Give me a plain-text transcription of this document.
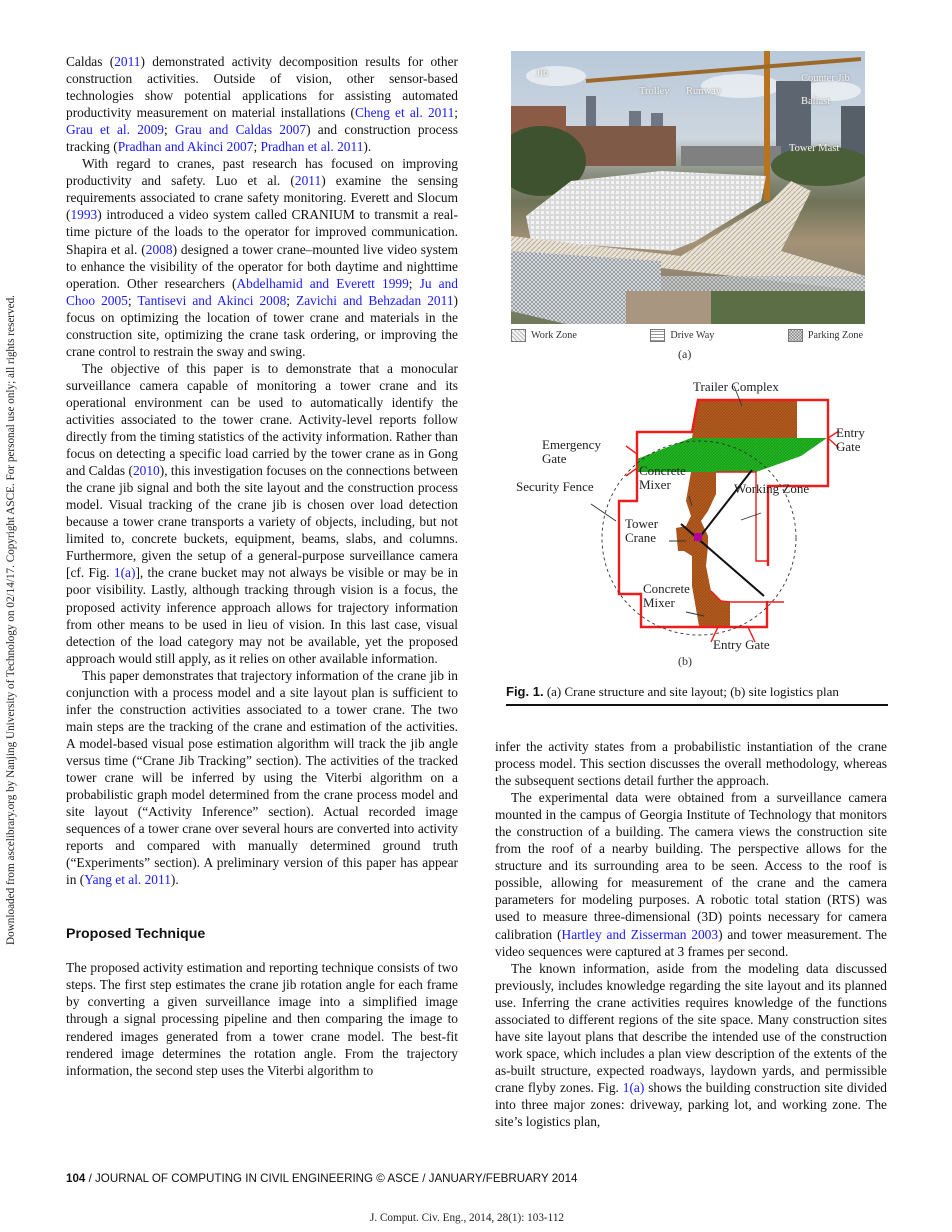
Downloaded from ascelibrary.org by Nanjing University of Technology on 02/14/17. Copyright ASCE. For personal use only; all rights reserved.

Caldas (2011) demonstrated activity decomposition results for other construction activities. Outside of vision, other sensor-based technologies show potential applications for assisting automated productivity measurement on material installations (Cheng et al. 2011; Grau et al. 2009; Grau and Caldas 2007) and construction process tracking (Pradhan and Akinci 2007; Pradhan et al. 2011).

With regard to cranes, past research has focused on improving productivity and safety. Luo et al. (2011) examine the sensing requirements associated to crane safety monitoring. Everett and Slocum (1993) introduced a video system called CRANIUM to transmit a real-time picture of the loads to the operator for improved communication. Shapira et al. (2008) designed a tower crane–mounted live video system to enhance the visibility of the operator for both daytime and nighttime operation. Other researchers (Abdelhamid and Everett 1999; Ju and Choo 2005; Tantisevi and Akinci 2008; Zavichi and Behzadan 2011) focus on optimizing the location of tower crane and materials in the construction site, optimizing the crane task ordering, or improving the crane control to restrain the sway and swing.

The objective of this paper is to demonstrate that a monocular surveillance camera capable of monitoring a tower crane and its operational environment can be used to automatically identify the activities associated to the tower crane. Activity-level reports follow directly from the timing statistics of the activity information. Rather than focus on detecting a specific load carried by the tower crane as in Gong and Caldas (2010), this investigation focuses on the connections between the crane jib signal and both the site layout and the construction process model. Visual tracking of the crane jib is chosen over load detection because a tower crane transports a variety of objects, including, but not limited to, concrete buckets, equipment, beams, slabs, and columns. Furthermore, given the setup of a general-purpose surveillance camera [cf. Fig. 1(a)], the crane bucket may not always be visible or may be in poor visibility. Lastly, although tracking through vision is a focus, the proposed activity inference approach allows for trajectory information from other means to be used in lieu of vision. In this last case, visual detection of the load category may not be available, yet the proposed approach would still apply, as it relies on other available information.

This paper demonstrates that trajectory information of the crane jib in conjunction with a process model and a site layout plan is sufficient to infer the construction activities associated to a tower crane. The two main steps are the tracking of the crane and estimation of the activities. A model-based visual pose estimation algorithm will track the jib angle versus time (“Crane Jib Tracking” section). The activities of the tracked tower crane will be inferred by using the Viterbi algorithm on a probabilistic graph model determined from the crane process model and site layout (“Activity Inference” section). Actual recorded image sequences of a tower crane over several hours are converted into activity reports and compared with manually determined ground truth (“Experiments” section). A preliminary version of this paper has appear in (Yang et al. 2011).

Proposed Technique

The proposed activity estimation and reporting technique consists of two steps. The first step estimates the crane jib rotation angle for each frame by converting a given surveillance image into a simplified image through a signal processing pipeline and then comparing the image to rendered images generated from a tower crane model. The best-fit rendered image determines the rotation angle. From the trajectory information, the second step uses the Viterbi algorithm to

Jib
Trolley Runway
Counter Jib
Ballast
Tower Mast
Work Zone	Drive Way	Parking Zone
(a)
Trailer Complex
Emergency
Gate
Entry
Gate
Security Fence
Concrete
Mixer	Working Zone
Tower
Crane
Concrete
Mixer
Entry Gate
(b)
Fig. 1. (a) Crane structure and site layout; (b) site logistics plan

infer the activity states from a probabilistic instantiation of the crane process model. This section discusses the overall methodology, whereas the subsequent sections detail further the approach.

The experimental data were obtained from a surveillance camera mounted in the campus of Georgia Institute of Technology that monitors the construction of a building. The camera views the construction site from the roof of a nearby building. The perspective allows for the structure and its surrounding area to be seen. Access to the roof is possible, allowing for measurement of the crane and the camera parameters for modeling purposes. A robotic total station (RTS) was used to measure three-dimensional (3D) points necessary for camera calibration (Hartley and Zisserman 2003) and tower measurement. The video sequences were captured at 3 frames per second.

The known information, aside from the modeling data discussed previously, includes knowledge regarding the site layout and its planned use. Inferring the crane activities requires knowledge of the functions associated to different regions of the site space. Many construction sites have site layout plans that describe the intended use of the construction work space, which includes a plan view description of the extents of the as-built structure, expected roadways, laydown yards, and permissible crane flyby zones. Fig. 1(a) shows the building construction site divided into three major zones: driveway, parking lot, and working zone. The site’s logistics plan,

104 / JOURNAL OF COMPUTING IN CIVIL ENGINEERING © ASCE / JANUARY/FEBRUARY 2014
J. Comput. Civ. Eng., 2014, 28(1): 103-112
